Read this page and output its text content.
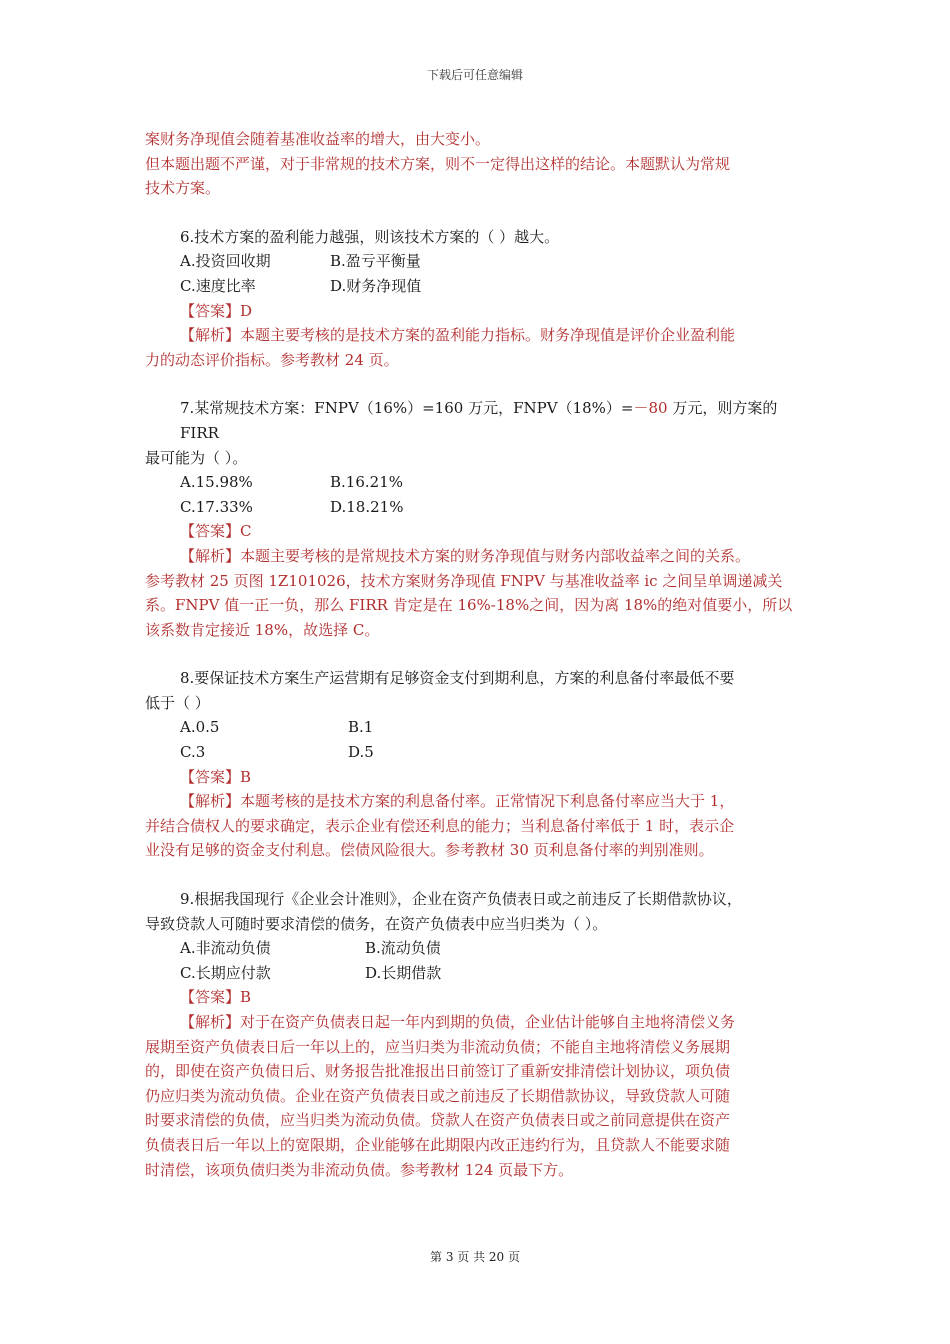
下载后可任意编辑

案财务净现值会随着基准收益率的增大，由大变小。

但本题出题不严谨，对于非常规的技术方案，则不一定得出这样的结论。本题默认为常规

技术方案。

6.技术方案的盈利能力越强，则该技术方案的（ ）越大。

A.投资回收期	B.盈亏平衡量
C.速度比率	D.财务净现值

【答案】D

【解析】本题主要考核的是技术方案的盈利能力指标。财务净现值是评价企业盈利能

力的动态评价指标。参考教材 24 页。

7.某常规技术方案：FNPV（16%）=160 万元，FNPV（18%）=－80 万元，则方案的 FIRR

最可能为（ ）。

A.15.98%	B.16.21%
C.17.33%	D.18.21%

【答案】C

【解析】本题主要考核的是常规技术方案的财务净现值与财务内部收益率之间的关系。

参考教材 25 页图 1Z101026，技术方案财务净现值 FNPV 与基准收益率 ic 之间呈单调递减关

系。FNPV 值一正一负，那么 FIRR 肯定是在 16%-18%之间，因为离 18%的绝对值要小，所以

该系数肯定接近 18%，故选择 C。

8.要保证技术方案生产运营期有足够资金支付到期利息，方案的利息备付率最低不要

低于（ ）

A.0.5	B.1
C.3	D.5

【答案】B

【解析】本题考核的是技术方案的利息备付率。正常情况下利息备付率应当大于 1，

并结合债权人的要求确定，表示企业有偿还利息的能力；当利息备付率低于 1 时，表示企

业没有足够的资金支付利息。偿债风险很大。参考教材 30 页利息备付率的判别准则。

9.根据我国现行《企业会计准则》，企业在资产负债表日或之前违反了长期借款协议，

导致贷款人可随时要求清偿的债务，在资产负债表中应当归类为（ ）。

A.非流动负债	B.流动负债
C.长期应付款	D.长期借款

【答案】B

【解析】对于在资产负债表日起一年内到期的负债，企业估计能够自主地将清偿义务

展期至资产负债表日后一年以上的，应当归类为非流动负债；不能自主地将清偿义务展期

的，即使在资产负债日后、财务报告批准报出日前签订了重新安排清偿计划协议，项负债

仍应归类为流动负债。企业在资产负债表日或之前违反了长期借款协议，导致贷款人可随

时要求清偿的负债，应当归类为流动负债。贷款人在资产负债表日或之前同意提供在资产

负债表日后一年以上的宽限期，企业能够在此期限内改正违约行为，且贷款人不能要求随

时清偿，该项负债归类为非流动负债。参考教材 124 页最下方。

第 3 页 共 20 页
